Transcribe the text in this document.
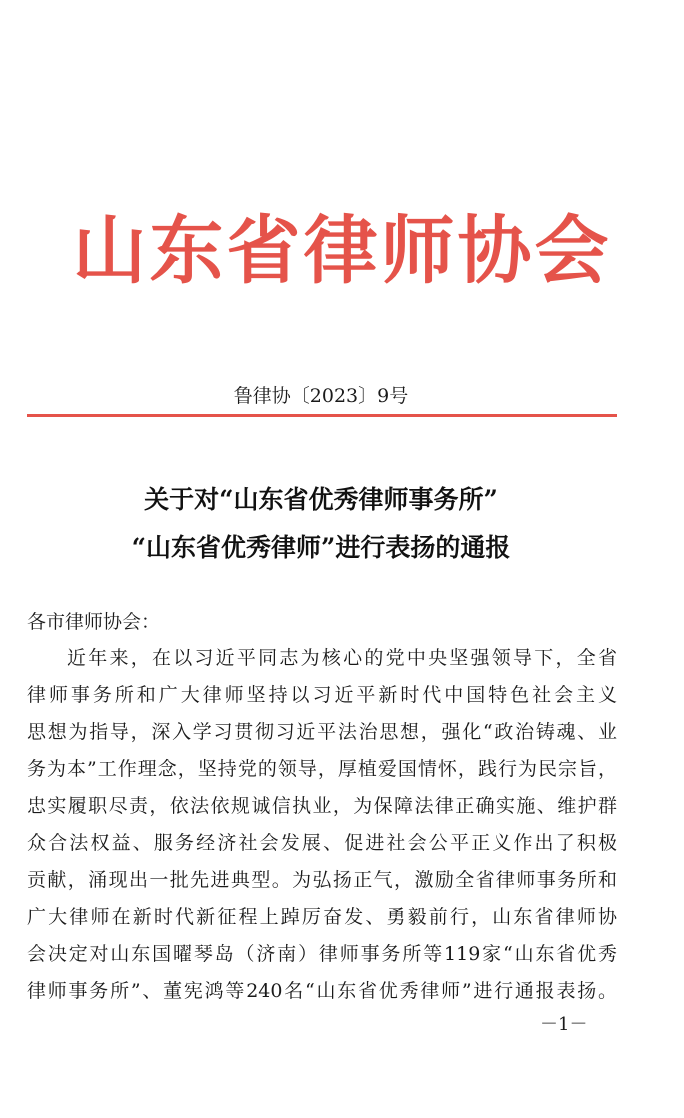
山东省律师协会
鲁律协〔2023〕9号
关于对“山东省优秀律师事务所”
“山东省优秀律师”进行表扬的通报
各市律师协会：
近年来，在以习近平同志为核心的党中央坚强领导下，全省
律师事务所和广大律师坚持以习近平新时代中国特色社会主义
思想为指导，深入学习贯彻习近平法治思想，强化“政治铸魂、业
务为本”工作理念，坚持党的领导，厚植爱国情怀，践行为民宗旨，
忠实履职尽责，依法依规诚信执业，为保障法律正确实施、维护群
众合法权益、服务经济社会发展、促进社会公平正义作出了积极
贡献，涌现出一批先进典型。为弘扬正气，激励全省律师事务所和
广大律师在新时代新征程上踔厉奋发、勇毅前行，山东省律师协
会决定对山东国曜琴岛（济南）律师事务所等119家“山东省优秀
律师事务所”、董宪鸿等240名“山东省优秀律师”进行通报表扬。
－1－
